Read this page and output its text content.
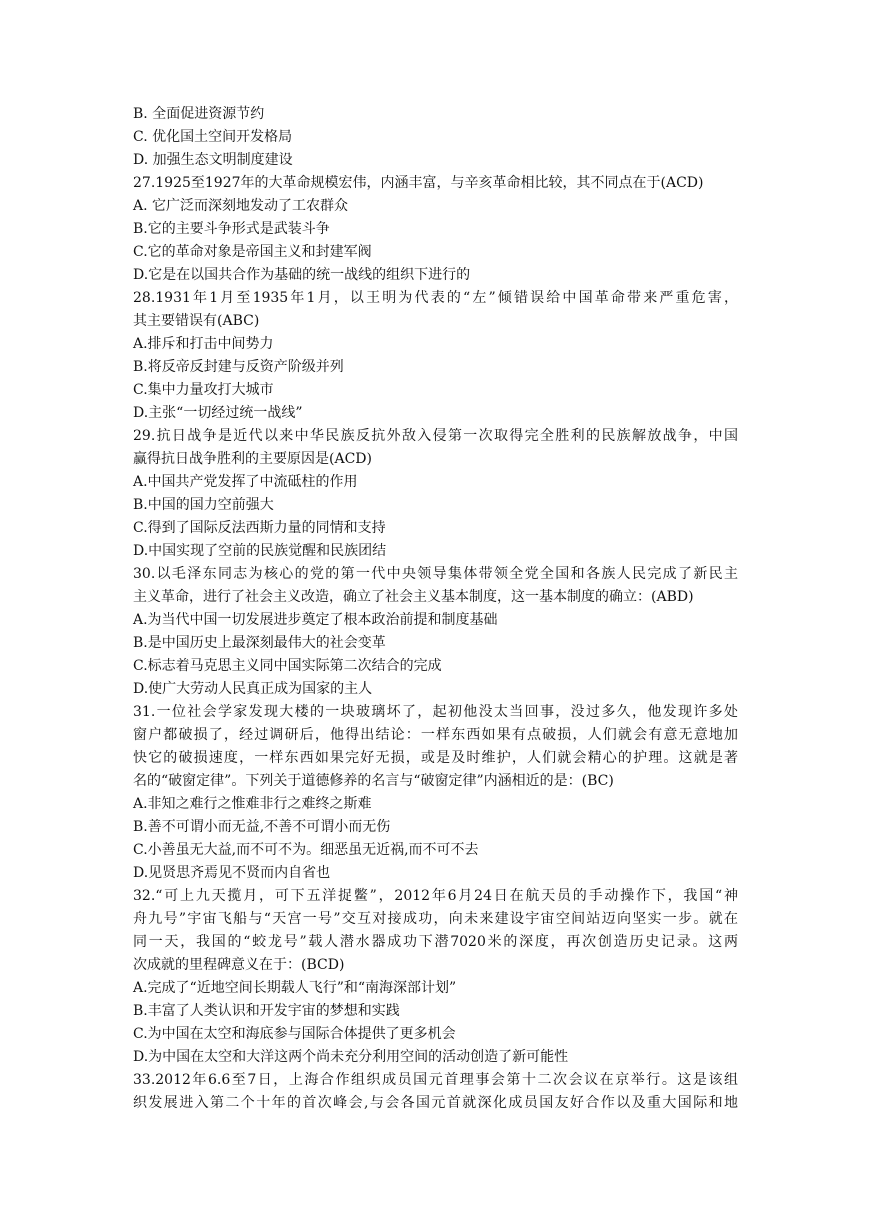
B. 全面促进资源节约
C. 优化国土空间开发格局
D. 加强生态文明制度建设
27.1925至1927年的大革命规模宏伟，内涵丰富，与辛亥革命相比较，其不同点在于(ACD)
A. 它广泛而深刻地发动了工农群众
B.它的主要斗争形式是武装斗争
C.它的革命对象是帝国主义和封建军阀
D.它是在以国共合作为基础的统一战线的组织下进行的
28.1931年1月至1935年1月，以王明为代表的“左”倾错误给中国革命带来严重危害，
其主要错误有(ABC)
A.排斥和打击中间势力
B.将反帝反封建与反资产阶级并列
C.集中力量攻打大城市
D.主张“一切经过统一战线”
29.抗日战争是近代以来中华民族反抗外敌入侵第一次取得完全胜利的民族解放战争，中国
赢得抗日战争胜利的主要原因是(ACD)
A.中国共产党发挥了中流砥柱的作用
B.中国的国力空前强大
C.得到了国际反法西斯力量的同情和支持
D.中国实现了空前的民族觉醒和民族团结
30.以毛泽东同志为核心的党的第一代中央领导集体带领全党全国和各族人民完成了新民主
主义革命，进行了社会主义改造，确立了社会主义基本制度，这一基本制度的确立：(ABD)
A.为当代中国一切发展进步奠定了根本政治前提和制度基础
B.是中国历史上最深刻最伟大的社会变革
C.标志着马克思主义同中国实际第二次结合的完成
D.使广大劳动人民真正成为国家的主人
31.一位社会学家发现大楼的一块玻璃坏了，起初他没太当回事，没过多久，他发现许多处
窗户都破损了，经过调研后，他得出结论：一样东西如果有点破损，人们就会有意无意地加
快它的破损速度，一样东西如果完好无损，或是及时维护，人们就会精心的护理。这就是著
名的“破窗定律”。下列关于道德修养的名言与“破窗定律”内涵相近的是：(BC)
A.非知之难行之惟难非行之难终之斯难
B.善不可谓小而无益,不善不可谓小而无伤
C.小善虽无大益,而不可不为。细恶虽无近祸,而不可不去
D.见贤思齐焉见不贤而内自省也
32.“可上九天揽月，可下五洋捉鳖”，2012年6月24日在航天员的手动操作下，我国“神
舟九号”宇宙飞船与“天宫一号”交互对接成功，向未来建设宇宙空间站迈向坚实一步。就在
同一天，我国的“蛟龙号”载人潜水器成功下潜7020米的深度，再次创造历史记录。这两
次成就的里程碑意义在于：(BCD)
A.完成了“近地空间长期载人飞行”和“南海深部计划”
B.丰富了人类认识和开发宇宙的梦想和实践
C.为中国在太空和海底参与国际合体提供了更多机会
D.为中国在太空和大洋这两个尚未充分利用空间的活动创造了新可能性
33.2012年6.6至7日，上海合作组织成员国元首理事会第十二次会议在京举行。这是该组
织发展进入第二个十年的首次峰会,与会各国元首就深化成员国友好合作以及重大国际和地
